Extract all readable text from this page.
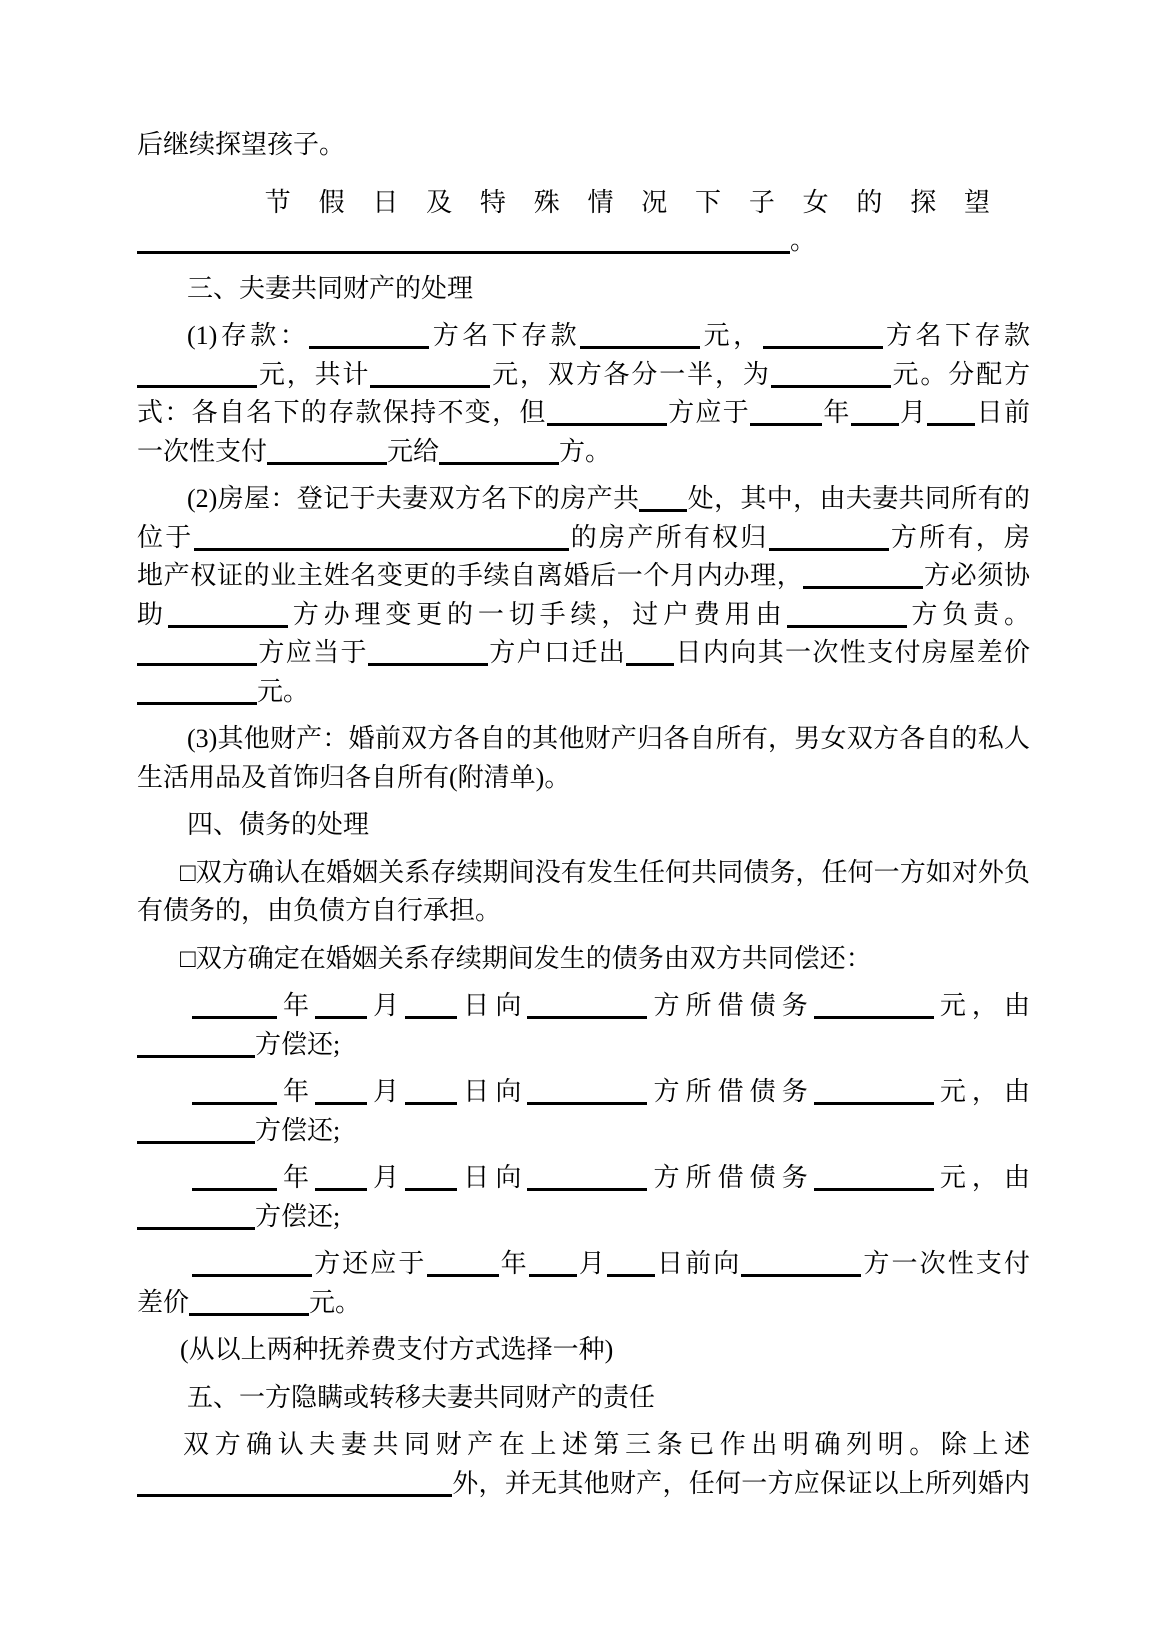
后继续探望孩子。
节假日及特殊情况下子女的探望
。
三、夫妻共同财产的处理
(1)存款：	方名下存款	元，	方名下存款
元，共计	元，双方各分一半，为	元。分配方
式：各自名下的存款保持不变，但	方应于	年 月 日前
一次性支付	元给	方。
(2)房屋：登记于夫妻双方名下的房产共 处，其中，由夫妻共同所有的
位于	的房产所有权归	方所有，房
地产权证的业主姓名变更的手续自离婚后一个月内办理，	方必须协
助	方办理变更的一切手续，过户费用由	方负责。
方应当于	方户口迁出 日内向其一次性支付房屋差价
元。
(3)其他财产：婚前双方各自的其他财产归各自所有，男女双方各自的私人
生活用品及首饰归各自所有(附清单)。
四、债务的处理
□双方确认在婚姻关系存续期间没有发生任何共同债务，任何一方如对外负
有债务的，由负债方自行承担。
□双方确定在婚姻关系存续期间发生的债务由双方共同偿还：
年 月 日向	方所借债务	元，由
方偿还;
年 月 日向	方所借债务	元，由
方偿还;
年 月 日向	方所借债务	元，由
方偿还;
方还应于	年 月 日前向	方一次性支付
差价	元。
(从以上两种抚养费支付方式选择一种)
五、一方隐瞒或转移夫妻共同财产的责任
双方确认夫妻共同财产在上述第三条已作出明确列明。除上述
外，并无其他财产，任何一方应保证以上所列婚内
